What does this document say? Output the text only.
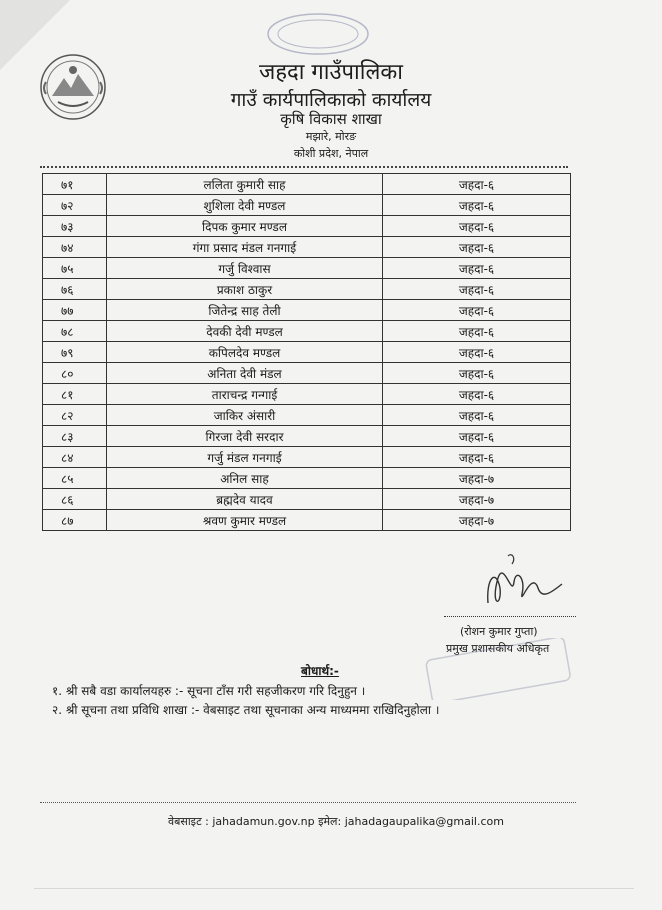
जहदा गाउँपालिका
गाउँ कार्यपालिकाको कार्यालय
कृषि विकास शाखा
मझारे, मोरङ
कोशी प्रदेश, नेपाल
७१	ललिता कुमारी साह	जहदा-६
७२	शुशिला देवी मण्डल	जहदा-६
७३	दिपक कुमार मण्डल	जहदा-६
७४	गंगा प्रसाद मंडल गनगाई	जहदा-६
७५	गर्जु विश्वास	जहदा-६
७६	प्रकाश ठाकुर	जहदा-६
७७	जितेन्द्र साह तेली	जहदा-६
७८	देवकी देवी मण्डल	जहदा-६
७९	कपिलदेव मण्डल	जहदा-६
८०	अनिता देवी मंडल	जहदा-६
८१	ताराचन्द्र गन्गाई	जहदा-६
८२	जाकिर अंसारी	जहदा-६
८३	गिरजा देवी सरदार	जहदा-६
८४	गर्जु मंडल गनगाई	जहदा-६
८५	अनिल साह	जहदा-७
८६	ब्रह्मदेव यादव	जहदा-७
८७	श्रवण कुमार मण्डल	जहदा-७
(रोशन कुमार गुप्ता)
प्रमुख प्रशासकीय अधिकृत
बोधार्थ:-
१. श्री सबै वडा कार्यालयहरु :- सूचना टाँस गरी सहजीकरण गरि दिनुहुन ।
२. श्री सूचना तथा प्रविधि शाखा :- वेबसाइट तथा सूचनाका अन्य माध्यममा राखिदिनुहोला ।
वेबसाइट : jahadamun.gov.np इमेल: jahadagaupalika@gmail.com
